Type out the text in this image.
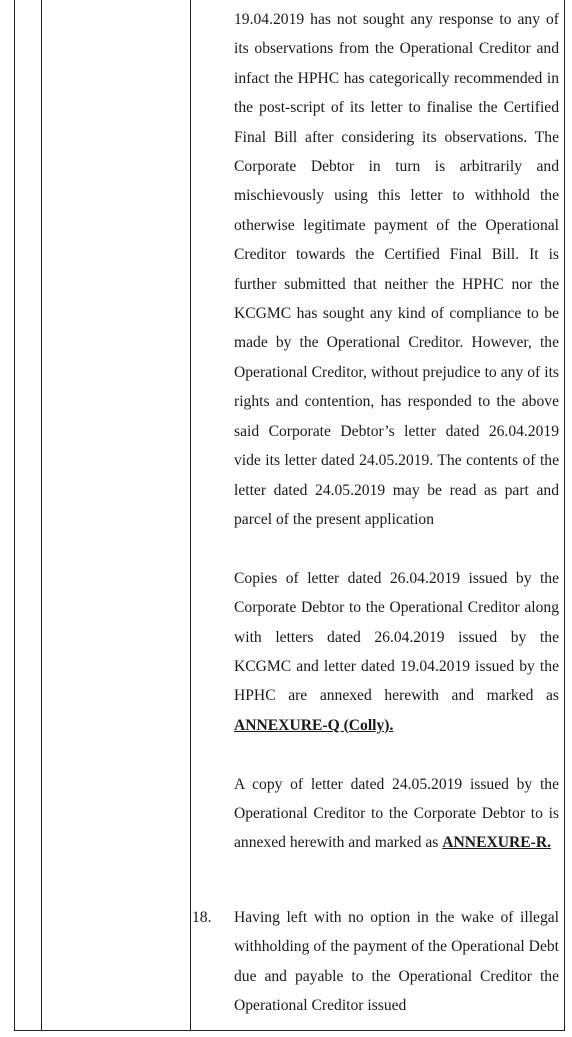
19.04.2019 has not sought any response to any of its observations from the Operational Creditor and infact the HPHC has categorically recommended in the post-script of its letter to finalise the Certified Final Bill after considering its observations. The Corporate Debtor in turn is arbitrarily and mischievously using this letter to withhold the otherwise legitimate payment of the Operational Creditor towards the Certified Final Bill. It is further submitted that neither the HPHC nor the KCGMC has sought any kind of compliance to be made by the Operational Creditor. However, the Operational Creditor, without prejudice to any of its rights and contention, has responded to the above said Corporate Debtor’s letter dated 26.04.2019 vide its letter dated 24.05.2019. The contents of the letter dated 24.05.2019 may be read as part and parcel of the present application

Copies of letter dated 26.04.2019 issued by the Corporate Debtor to the Operational Creditor along with letters dated 26.04.2019 issued by the KCGMC and letter dated 19.04.2019 issued by the HPHC are annexed herewith and marked as ANNEXURE-Q (Colly).

A copy of letter dated 24.05.2019 issued by the Operational Creditor to the Corporate Debtor to is annexed herewith and marked as ANNEXURE-R.

18.	Having left with no option in the wake of illegal withholding of the payment of the Operational Debt due and payable to the Operational Creditor the Operational Creditor issued
